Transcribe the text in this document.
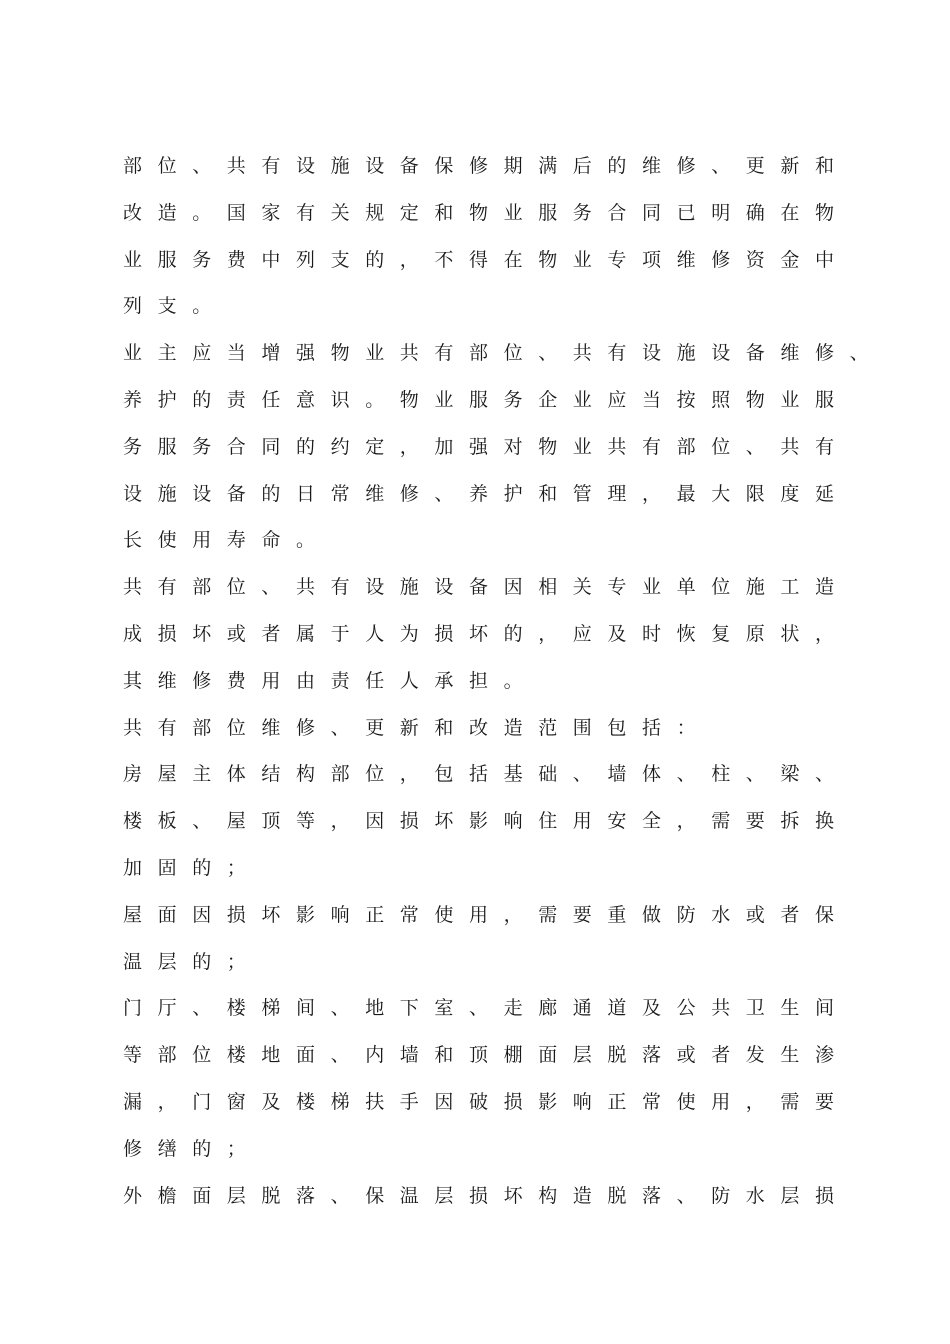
部位、共有设施设备保修期满后的维修、更新和
改造。国家有关规定和物业服务合同已明确在物
业服务费中列支的，不得在物业专项维修资金中
列支。
业主应当增强物业共有部位、共有设施设备维修、
养护的责任意识。物业服务企业应当按照物业服
务服务合同的约定，加强对物业共有部位、共有
设施设备的日常维修、养护和管理，最大限度延
长使用寿命。
共有部位、共有设施设备因相关专业单位施工造
成损坏或者属于人为损坏的，应及时恢复原状，
其维修费用由责任人承担。
共有部位维修、更新和改造范围包括：
房屋主体结构部位，包括基础、墙体、柱、梁、
楼板、屋顶等，因损坏影响住用安全，需要拆换
加固的；
屋面因损坏影响正常使用，需要重做防水或者保
温层的；
门厅、楼梯间、地下室、走廊通道及公共卫生间
等部位楼地面、内墙和顶棚面层脱落或者发生渗
漏，门窗及楼梯扶手因破损影响正常使用，需要
修缮的；
外檐面层脱落、保温层损坏构造脱落、防水层损
